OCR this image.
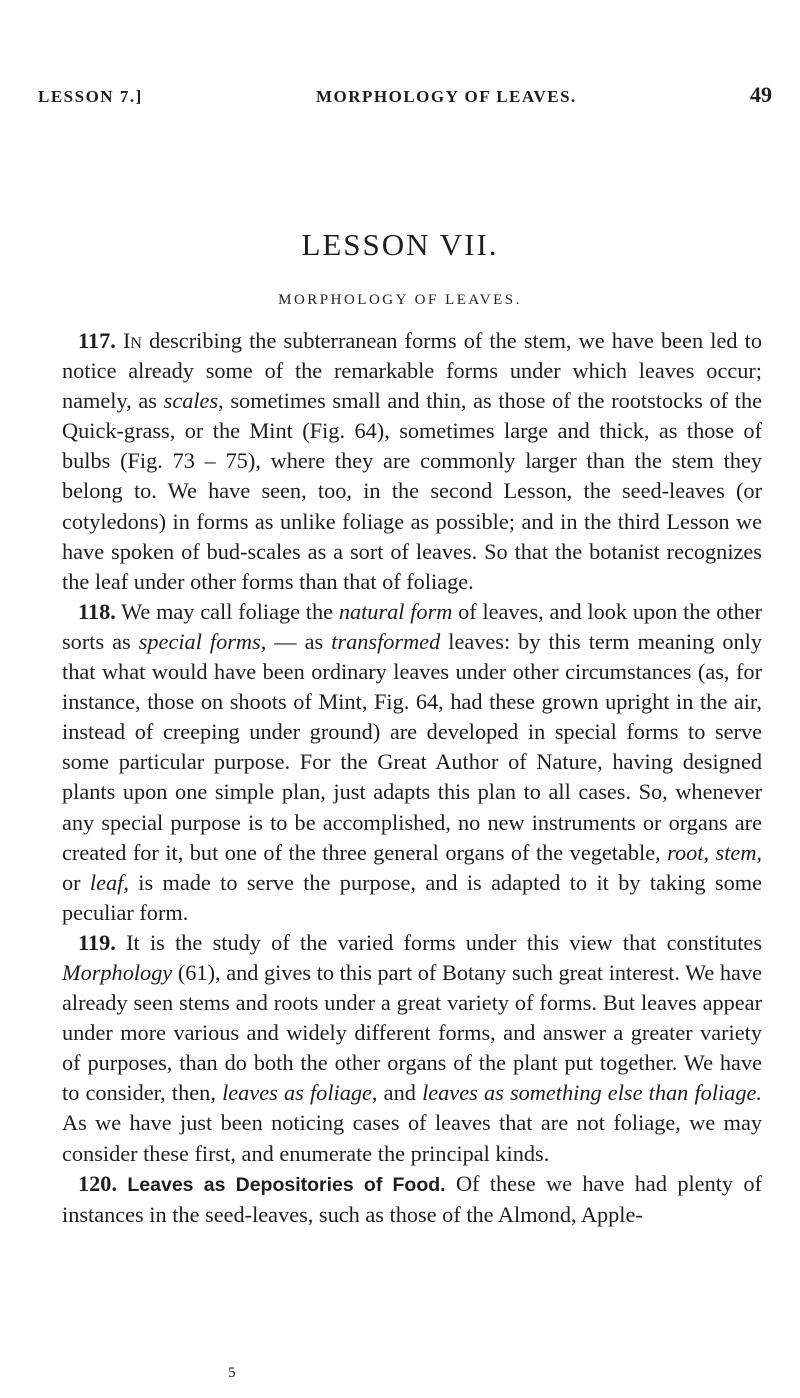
LESSON 7.]	MORPHOLOGY OF LEAVES.	49
LESSON VII.
MORPHOLOGY OF LEAVES.

117. In describing the subterranean forms of the stem, we have been led to notice already some of the remarkable forms under which leaves occur; namely, as scales, sometimes small and thin, as those of the rootstocks of the Quick-grass, or the Mint (Fig. 64), sometimes large and thick, as those of bulbs (Fig. 73 – 75), where they are commonly larger than the stem they belong to. We have seen, too, in the second Lesson, the seed-leaves (or cotyledons) in forms as unlike foliage as possible; and in the third Lesson we have spoken of bud-scales as a sort of leaves. So that the botanist recognizes the leaf under other forms than that of foliage.

118. We may call foliage the natural form of leaves, and look upon the other sorts as special forms, — as transformed leaves: by this term meaning only that what would have been ordinary leaves under other circumstances (as, for instance, those on shoots of Mint, Fig. 64, had these grown upright in the air, instead of creeping under ground) are developed in special forms to serve some particular purpose. For the Great Author of Nature, having designed plants upon one simple plan, just adapts this plan to all cases. So, whenever any special purpose is to be accomplished, no new instruments or organs are created for it, but one of the three general organs of the vegetable, root, stem, or leaf, is made to serve the purpose, and is adapted to it by taking some peculiar form.

119. It is the study of the varied forms under this view that constitutes Morphology (61), and gives to this part of Botany such great interest. We have already seen stems and roots under a great variety of forms. But leaves appear under more various and widely different forms, and answer a greater variety of purposes, than do both the other organs of the plant put together. We have to consider, then, leaves as foliage, and leaves as something else than foliage. As we have just been noticing cases of leaves that are not foliage, we may consider these first, and enumerate the principal kinds.

120. Leaves as Depositories of Food. Of these we have had plenty of instances in the seed-leaves, such as those of the Almond, Apple-

5
